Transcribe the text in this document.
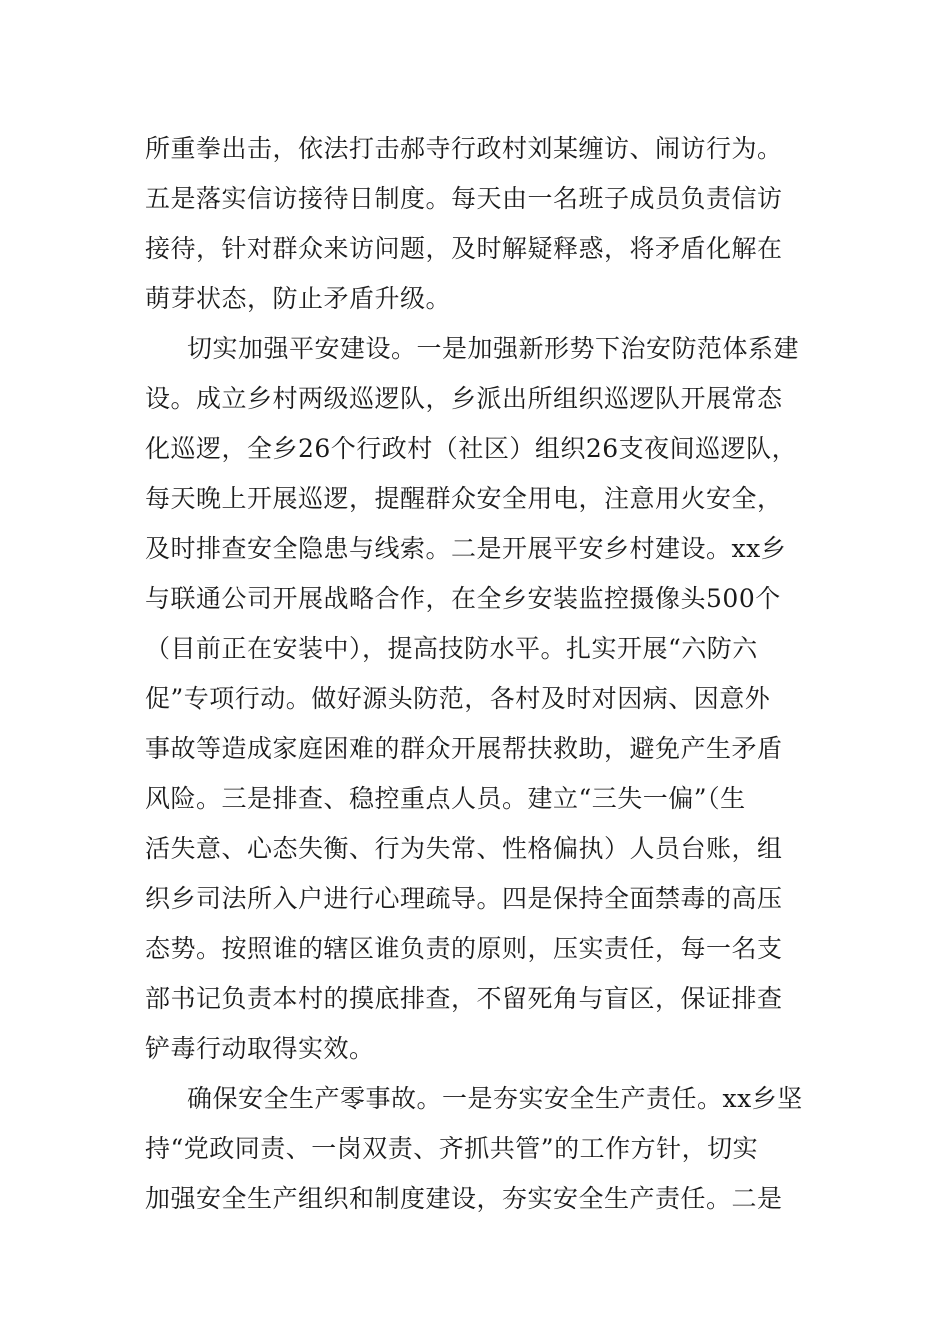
所重拳出击，依法打击郝寺行政村刘某缠访、闹访行为。
五是落实信访接待日制度。每天由一名班子成员负责信访
接待，针对群众来访问题，及时解疑释惑，将矛盾化解在
萌芽状态，防止矛盾升级。
切实加强平安建设。一是加强新形势下治安防范体系建
设。成立乡村两级巡逻队，乡派出所组织巡逻队开展常态
化巡逻，全乡26个行政村（社区）组织26支夜间巡逻队，
每天晚上开展巡逻，提醒群众安全用电，注意用火安全，
及时排查安全隐患与线索。二是开展平安乡村建设。xx乡
与联通公司开展战略合作，在全乡安装监控摄像头500个
（目前正在安装中），提高技防水平。扎实开展“六防六
促”专项行动。做好源头防范，各村及时对因病、因意外
事故等造成家庭困难的群众开展帮扶救助，避免产生矛盾
风险。三是排查、稳控重点人员。建立“三失一偏”（生
活失意、心态失衡、行为失常、性格偏执）人员台账，组
织乡司法所入户进行心理疏导。四是保持全面禁毒的高压
态势。按照谁的辖区谁负责的原则，压实责任，每一名支
部书记负责本村的摸底排查，不留死角与盲区，保证排查
铲毒行动取得实效。
确保安全生产零事故。一是夯实安全生产责任。xx乡坚
持“党政同责、一岗双责、齐抓共管”的工作方针，切实
加强安全生产组织和制度建设，夯实安全生产责任。二是
